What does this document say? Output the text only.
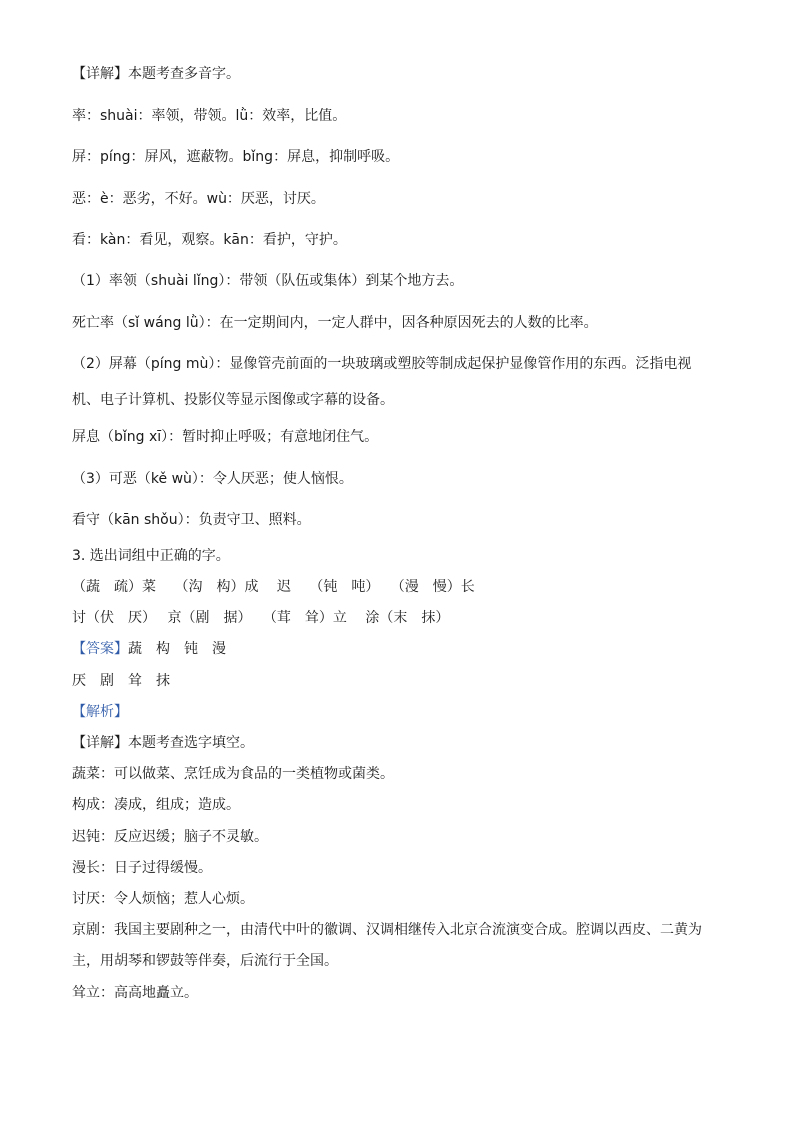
【详解】本题考查多音字。
率：shuài：率领，带领。lǜ：效率，比值。
屏：píng：屏风，遮蔽物。bǐng：屏息，抑制呼吸。
恶：è：恶劣，不好。wù：厌恶，讨厌。
看：kàn：看见，观察。kān：看护，守护。
（1）率领（shuài lǐng）：带领（队伍或集体）到某个地方去。
死亡率（sǐ wáng lǜ）：在一定期间内，一定人群中，因各种原因死去的人数的比率。
（2）屏幕（píng mù）：显像管壳前面的一块玻璃或塑胶等制成起保护显像管作用的东西。泛指电视
机、电子计算机、投影仪等显示图像或字幕的设备。
屏息（bǐng xī）：暂时抑止呼吸；有意地闭住气。
（3）可恶（kě wù）：令人厌恶；使人恼恨。
看守（kān shǒu）：负责守卫、照料。
3. 选出词组中正确的字。
（蔬　疏）菜　 （沟　构）成　 迟　 （钝　吨）　 （漫　慢）长
讨（伏　厌）　 京（剧　据）　 （茸　耸）立　 涂（末　抹）
【答案】蔬　构　钝　漫
厌　剧　耸　抹
【解析】
【详解】本题考查选字填空。
蔬菜：可以做菜、烹饪成为食品的一类植物或菌类。
构成：凑成，组成；造成。
迟钝：反应迟缓；脑子不灵敏。
漫长：日子过得缓慢。
讨厌：令人烦恼；惹人心烦。
京剧：我国主要剧种之一，由清代中叶的徽调、汉调相继传入北京合流演变合成。腔调以西皮、二黄为
主，用胡琴和锣鼓等伴奏，后流行于全国。
耸立：高高地矗立。
